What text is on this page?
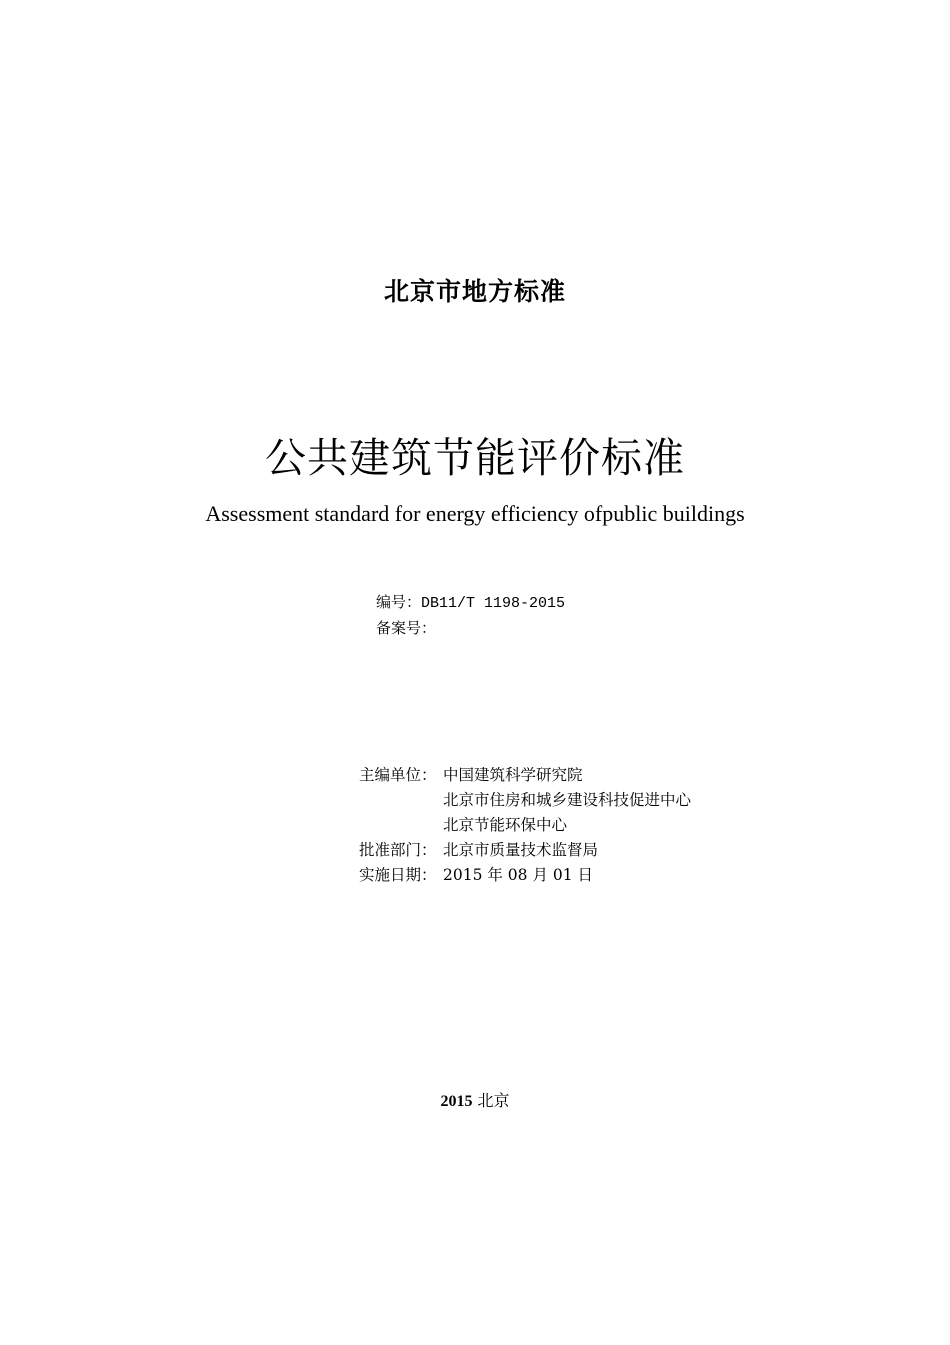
北京市地方标准
公共建筑节能评价标准
Assessment standard for energy efficiency ofpublic buildings
编号：DB11/T 1198-2015
备案号：
主编单位： 中国建筑科学研究院
北京市住房和城乡建设科技促进中心
北京节能环保中心
批准部门： 北京市质量技术监督局
实施日期： 2015 年 08 月 01 日
2015 北京
